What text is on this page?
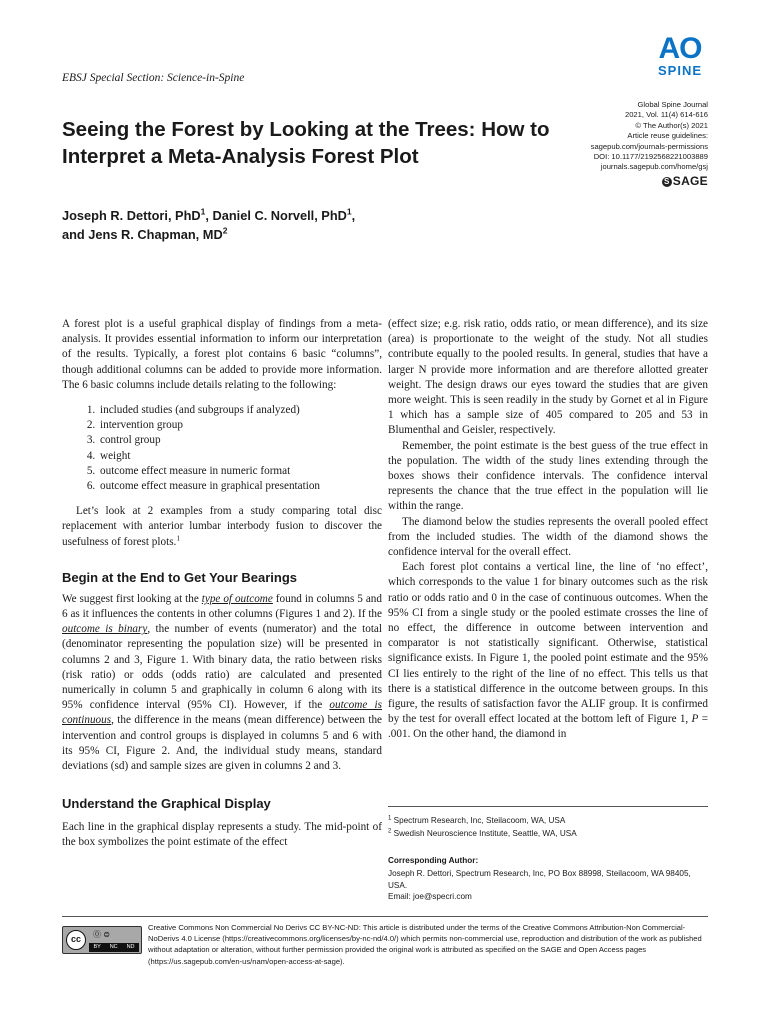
EBSJ Special Section: Science-in-Spine
AO
SPINE
Global Spine Journal
2021, Vol. 11(4) 614-616
© The Author(s) 2021
Article reuse guidelines:
sagepub.com/journals-permissions
DOI: 10.1177/2192568221003889
journals.sagepub.com/home/gsj
S SAGE
Seeing the Forest by Looking at the Trees: How to Interpret a Meta-Analysis Forest Plot
Joseph R. Dettori, PhD$^1$, Daniel C. Norvell, PhD$^1$,
and Jens R. Chapman, $MD^2$

A forest plot is a useful graphical display of findings from a meta-analysis. It provides essential information to inform our interpretation of the results. Typically, a forest plot contains 6 basic “columns”, though additional columns can be added to provide more information. The 6 basic columns include details relating to the following:

1. included studies (and subgroups if analyzed)
2. intervention group
3. control group
4. weight
5. outcome effect measure in numeric format
6. outcome effect measure in graphical presentation

Let’s look at 2 examples from a study comparing total disc replacement with anterior lumbar interbody fusion to discover the usefulness of forest plots.$^1$

Begin at the End to Get Your Bearings

We suggest first looking at the type of outcome found in columns 5 and 6 as it influences the contents in other columns (Figures 1 and 2). If the outcome is binary, the number of events (numerator) and the total (denominator representing the population size) will be presented in columns 2 and 3, Figure 1. With binary data, the ratio between risks (risk ratio) or odds (odds ratio) are calculated and presented numerically in column 5 and graphically in column 6 along with its 95% confidence interval (95% CI). However, if the outcome is continuous, the difference in the means (mean difference) between the intervention and control groups is displayed in columns 5 and 6 with its 95% CI, Figure 2. And, the individual study means, standard deviations (sd) and sample sizes are given in columns 2 and 3.

Understand the Graphical Display

Each line in the graphical display represents a study. The mid-point of the box symbolizes the point estimate of the effect

(effect size; e.g. risk ratio, odds ratio, or mean difference), and its size (area) is proportionate to the weight of the study. Not all studies contribute equally to the pooled results. In general, studies that have a larger N provide more information and are therefore allotted greater weight. The design draws our eyes toward the studies that are given more weight. This is seen readily in the study by Gornet et al in Figure 1 which has a sample size of 405 compared to 205 and 53 in Blumenthal and Geisler, respectively.

Remember, the point estimate is the best guess of the true effect in the population. The width of the study lines extending through the boxes shows their confidence intervals. The confidence interval represents the chance that the true effect in the population will lie within the range.

The diamond below the studies represents the overall pooled effect from the included studies. The width of the diamond shows the confidence interval for the overall effect.

Each forest plot contains a vertical line, the line of ‘no effect’, which corresponds to the value 1 for binary outcomes such as the risk ratio or odds ratio and 0 in the case of continuous outcomes. When the 95% CI from a single study or the pooled estimate crosses the line of no effect, the difference in outcome between intervention and comparator is not statistically significant. Otherwise, statistical significance exists. In Figure 1, the pooled point estimate and the 95% CI lies entirely to the right of the line of no effect. This tells us that there is a statistical difference in the outcome between groups. In this figure, the results of satisfaction favor the ALIF group. It is confirmed by the test for overall effect located at the bottom left of Figure 1, P = .001. On the other hand, the diamond in

$^1$ Spectrum Research, Inc, Steilacoom, WA, USA
$^2$ Swedish Neuroscience Institute, Seattle, WA, USA
Corresponding Author:
Joseph R. Dettori, Spectrum Research, Inc, PO Box 88998, Steilacoom, WA 98405, USA.
Email: joe@specri.com
cc	⓪ ⊜
BY NC ND
Creative Commons Non Commercial No Derivs CC BY-NC-ND: This article is distributed under the terms of the Creative Commons Attribution-Non Commercial-NoDerivs 4.0 License (https://creativecommons.org/licenses/by-nc-nd/4.0/) which permits non-commercial use, reproduction and distribution of the work as published without adaptation or alteration, without further permission provided the original work is attributed as specified on the SAGE and Open Access pages (https://us.sagepub.com/en-us/nam/open-access-at-sage).
